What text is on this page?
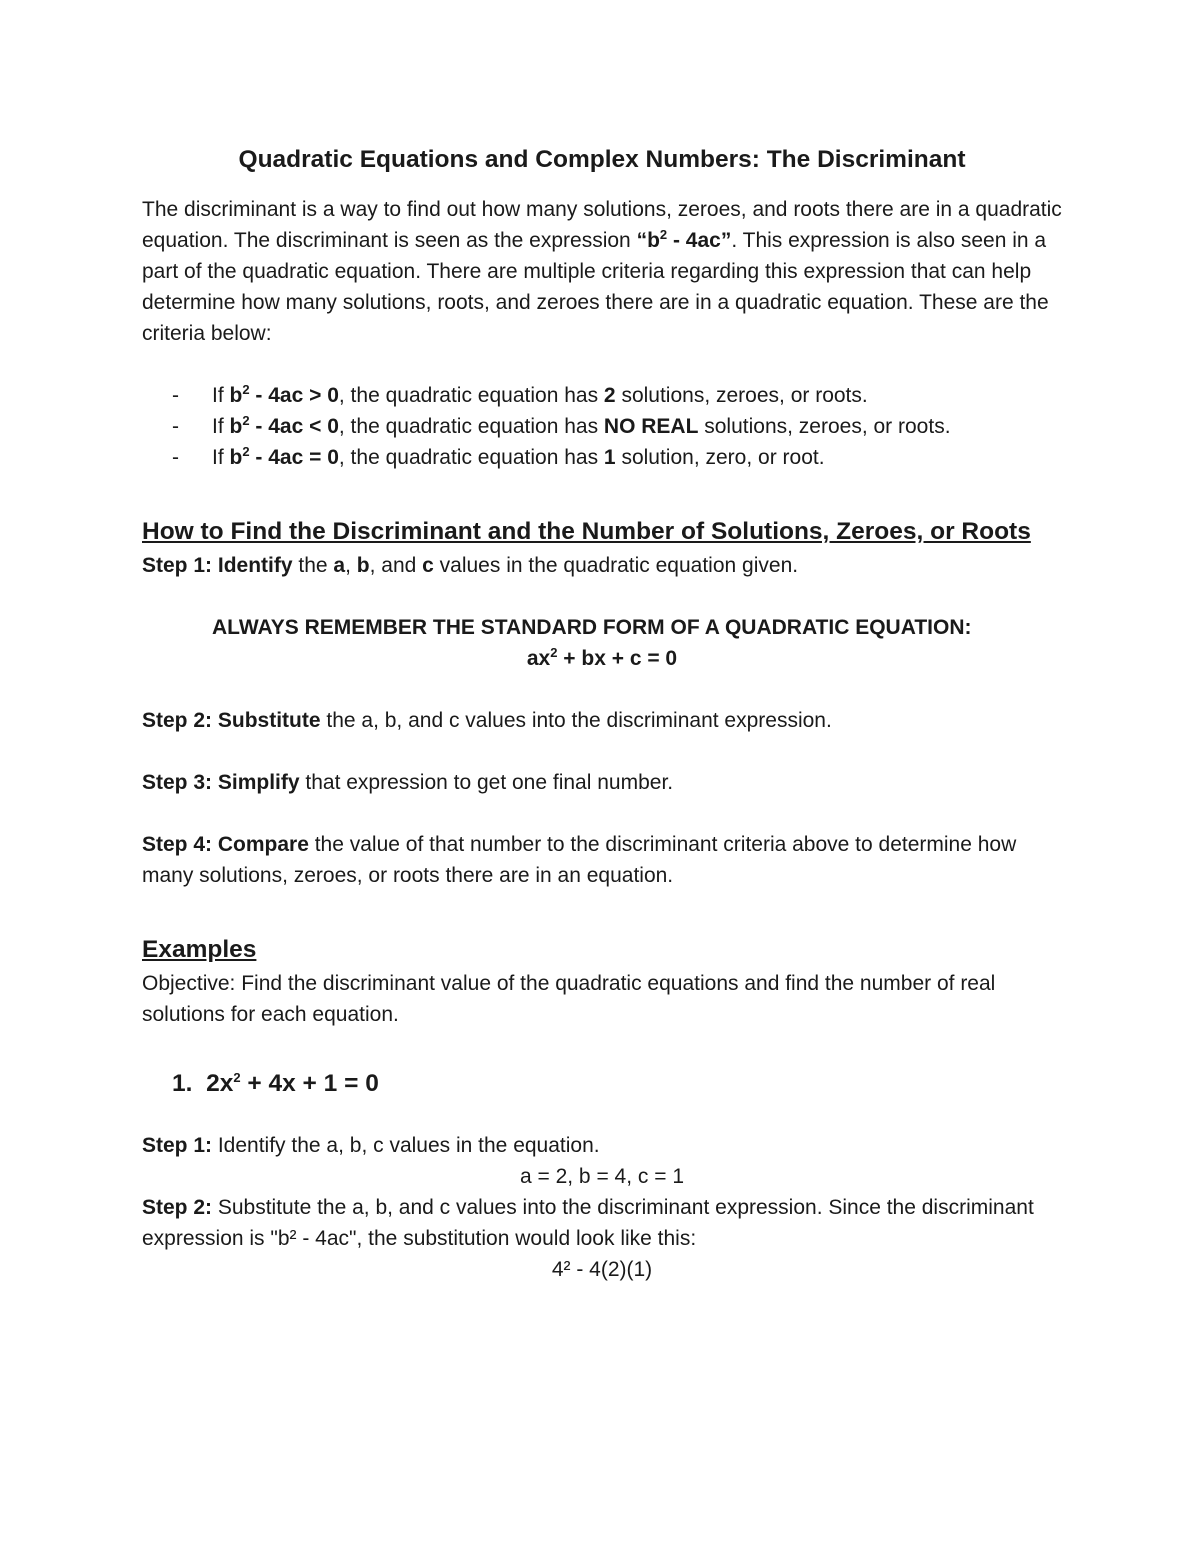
Quadratic Equations and Complex Numbers: The Discriminant

The discriminant is a way to find out how many solutions, zeroes, and roots there are in a quadratic equation. The discriminant is seen as the expression “$b^2 - 4ac$”. This expression is also seen in a part of the quadratic equation. There are multiple criteria regarding this expression that can help determine how many solutions, roots, and zeroes there are in a quadratic equation. These are the criteria below:

- If $b^2 - 4ac > 0$, the quadratic equation has 2 solutions, zeroes, or roots.
- If $b^2 - 4ac < 0$, the quadratic equation has NO REAL solutions, zeroes, or roots.
- If $b^2 - 4ac = 0$, the quadratic equation has 1 solution, zero, or root.
How to Find the Discriminant and the Number of Solutions, Zeroes, or Roots

Step 1: Identify the a, b, and c values in the quadratic equation given.

ALWAYS REMEMBER THE STANDARD FORM OF A QUADRATIC EQUATION:

$ax^2$ + bx + c = 0

Step 2: Substitute the a, b, and c values into the discriminant expression.

Step 3: Simplify that expression to get one final number.

Step 4: Compare the value of that number to the discriminant criteria above to determine how many solutions, zeroes, or roots there are in an equation.

Examples

Objective: Find the discriminant value of the quadratic equations and find the number of real solutions for each equation.

1. $2x^2 + 4x + 1 = 0$

Step 1: Identify the a, b, c values in the equation.

a = 2, b = 4, c = 1

Step 2: Substitute the a, b, and c values into the discriminant expression. Since the discriminant expression is "b² - 4ac", the substitution would look like this:

4² - 4(2)(1)
